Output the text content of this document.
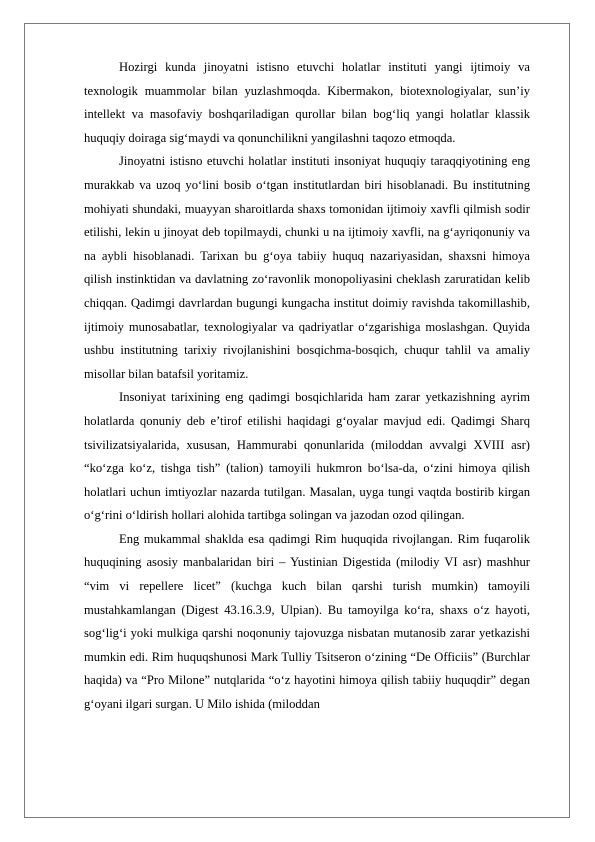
Hozirgi kunda jinoyatni istisno etuvchi holatlar instituti yangi ijtimoiy va texnologik muammolar bilan yuzlashmoqda. Kibermakon, biotexnologiyalar, sun’iy intellekt va masofaviy boshqariladigan qurollar bilan bog‘liq yangi holatlar klassik huquqiy doiraga sig‘maydi va qonunchilikni yangilashni taqozo etmoqda.

Jinoyatni istisno etuvchi holatlar instituti insoniyat huquqiy taraqqiyotining eng murakkab va uzoq yo‘lini bosib o‘tgan institutlardan biri hisoblanadi. Bu institutning mohiyati shundaki, muayyan sharoitlarda shaxs tomonidan ijtimoiy xavfli qilmish sodir etilishi, lekin u jinoyat deb topilmaydi, chunki u na ijtimoiy xavfli, na g‘ayriqonuniy va na aybli hisoblanadi. Tarixan bu g‘oya tabiiy huquq nazariyasidan, shaxsni himoya qilish instinktidan va davlatning zo‘ravonlik monopoliyasini cheklash zaruratidan kelib chiqqan. Qadimgi davrlardan bugungi kungacha institut doimiy ravishda takomillashib, ijtimoiy munosabatlar, texnologiyalar va qadriyatlar o‘zgarishiga moslashgan. Quyida ushbu institutning tarixiy rivojlanishini bosqichma-bosqich, chuqur tahlil va amaliy misollar bilan batafsil yoritamiz.

Insoniyat tarixining eng qadimgi bosqichlarida ham zarar yetkazishning ayrim holatlarda qonuniy deb e’tirof etilishi haqidagi g‘oyalar mavjud edi. Qadimgi Sharq tsivilizatsiyalarida, xususan, Hammurabi qonunlarida (miloddan avvalgi XVIII asr) “ko‘zga ko‘z, tishga tish” (talion) tamoyili hukmron bo‘lsa-da, o‘zini himoya qilish holatlari uchun imtiyozlar nazarda tutilgan. Masalan, uyga tungi vaqtda bostirib kirgan o‘g‘rini o‘ldirish hollari alohida tartibga solingan va jazodan ozod qilingan.

Eng mukammal shaklda esa qadimgi Rim huquqida rivojlangan. Rim fuqarolik huquqining asosiy manbalaridan biri – Yustinian Digestida (milodiy VI asr) mashhur “vim vi repellere licet” (kuchga kuch bilan qarshi turish mumkin) tamoyili mustahkamlangan (Digest 43.16.3.9, Ulpian). Bu tamoyilga ko‘ra, shaxs o‘z hayoti, sog‘lig‘i yoki mulkiga qarshi noqonuniy tajovuzga nisbatan mutanosib zarar yetkazishi mumkin edi. Rim huquqshunosi Mark Tulliy Tsitseron o‘zining “De Officiis” (Burchlar haqida) va “Pro Milone” nutqlarida “o‘z hayotini himoya qilish tabiiy huquqdir” degan g‘oyani ilgari surgan. U Milo ishida (miloddan
